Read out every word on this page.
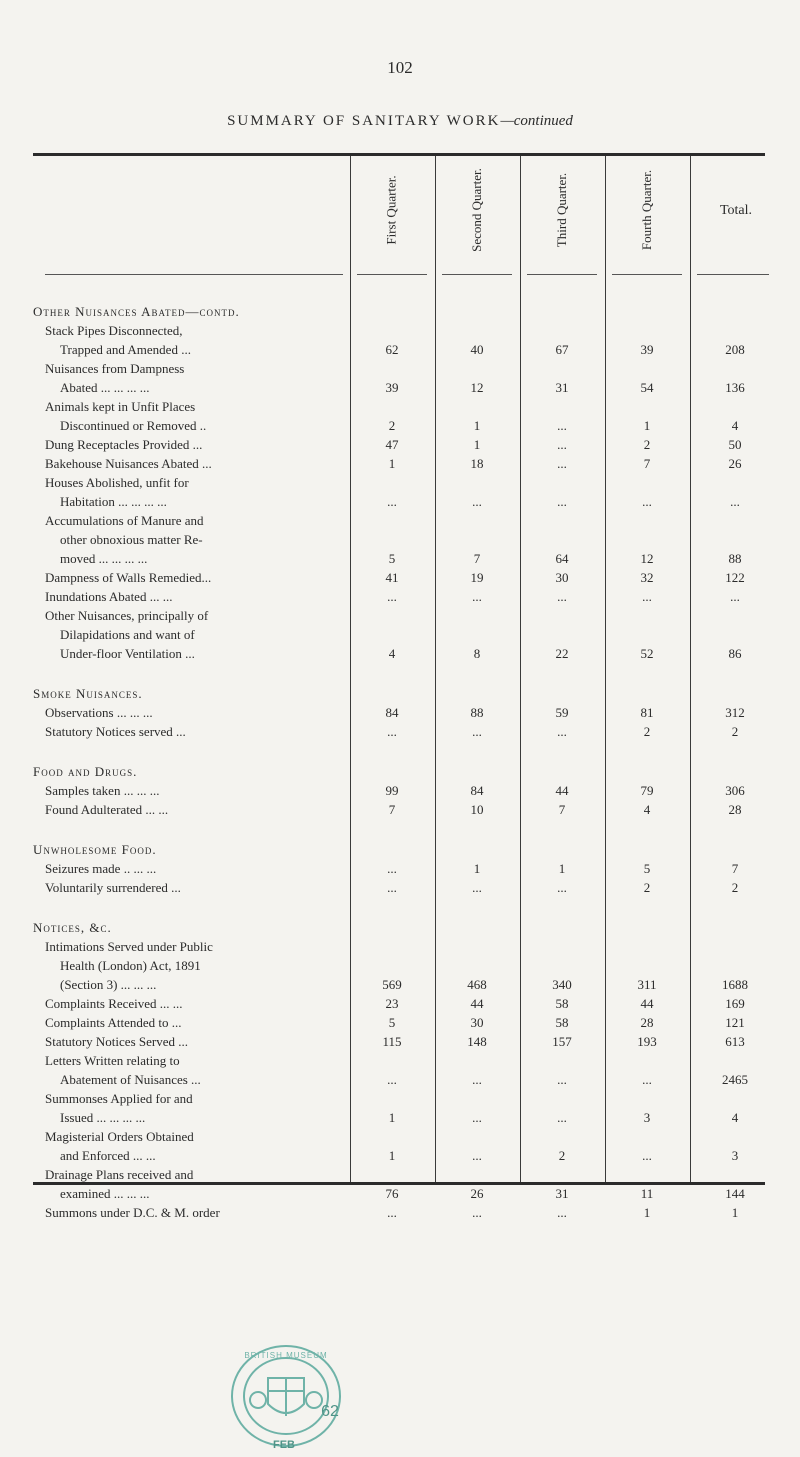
102
SUMMARY OF SANITARY WORK—continued
First Quarter.	Second Quarter.	Third Quarter.	Fourth Quarter.	Total.
Other Nuisances Abated—contd.
Stack Pipes Disconnected,
Trapped and Amended ...	62	40	67	39	208
Nuisances from Dampness
Abated ... ... ... ...	39	12	31	54	136
Animals kept in Unfit Places
Discontinued or Removed ..	2	1	...	1	4
Dung Receptacles Provided ...	47	1	...	2	50
Bakehouse Nuisances Abated ...	1	18	...	7	26
Houses Abolished, unfit for
Habitation ... ... ... ...	...	...	...	...	...
Accumulations of Manure and
other obnoxious matter Re-
moved ... ... ... ...	5	7	64	12	88
Dampness of Walls Remedied...	41	19	30	32	122
Inundations Abated ... ...	...	...	...	...	...
Other Nuisances, principally of
Dilapidations and want of
Under-floor Ventilation ...	4	8	22	52	86
Smoke Nuisances.
Observations ... ... ...	84	88	59	81	312
Statutory Notices served ...	...	...	...	2	2
Food and Drugs.
Samples taken ... ... ...	99	84	44	79	306
Found Adulterated ... ...	7	10	7	4	28
Unwholesome Food.
Seizures made .. ... ...	...	1	1	5	7
Voluntarily surrendered ...	...	...	...	2	2
Notices, &c.
Intimations Served under Public
Health (London) Act, 1891
(Section 3) ... ... ...	569	468	340	311	1688
Complaints Received ... ...	23	44	58	44	169
Complaints Attended to ...	5	30	58	28	121
Statutory Notices Served ...	115	148	157	193	613
Letters Written relating to
Abatement of Nuisances ...	...	...	...	...	2465
Summonses Applied for and
Issued ... ... ... ...	1	...	...	3	4
Magisterial Orders Obtained
and Enforced ... ...	1	...	2	...	3
Drainage Plans received and
examined ... ... ...	76	26	31	11	144
Summons under D.C. & M. order	...	...	...	1	1
BRITISH MUSEUM
62
FEB
